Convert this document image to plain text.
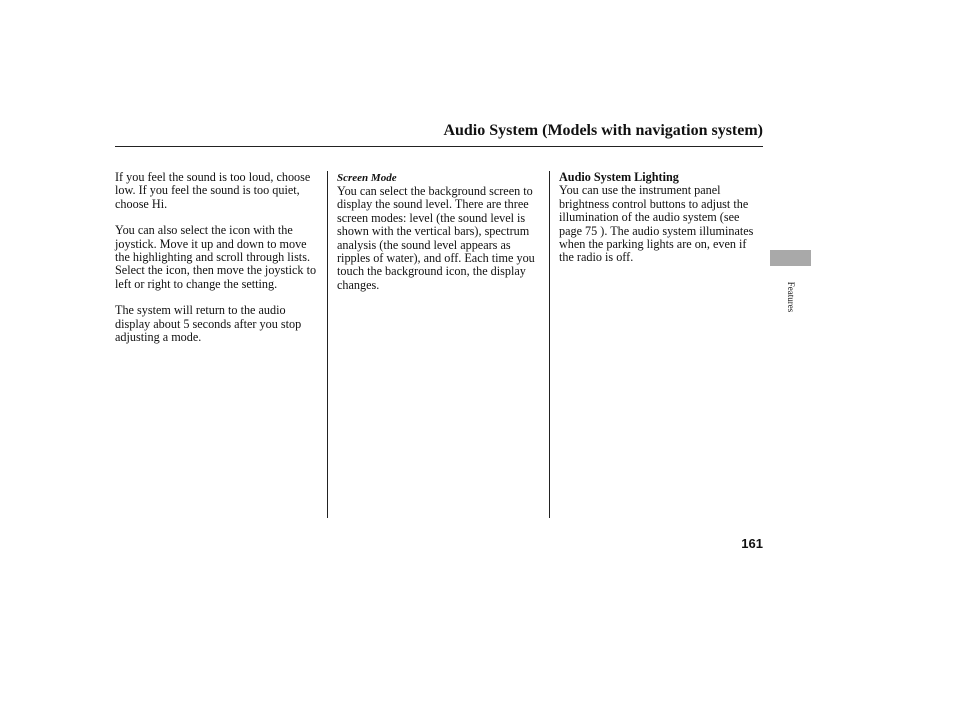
Audio System (Models with navigation system)

If you feel the sound is too loud, choose low. If you feel the sound is too quiet, choose Hi.

You can also select the icon with the joystick. Move it up and down to move the highlighting and scroll through lists. Select the icon, then move the joystick to left or right to change the setting.

The system will return to the audio display about 5 seconds after you stop adjusting a mode.

Screen Mode

You can select the background screen to display the sound level. There are three screen modes: level (the sound level is shown with the vertical bars), spectrum analysis (the sound level appears as ripples of water), and off. Each time you touch the background icon, the display changes.

Audio System Lighting

You can use the instrument panel brightness control buttons to adjust the illumination of the audio system (see page 75 ). The audio system illuminates when the parking lights are on, even if the radio is off.

Features
161
